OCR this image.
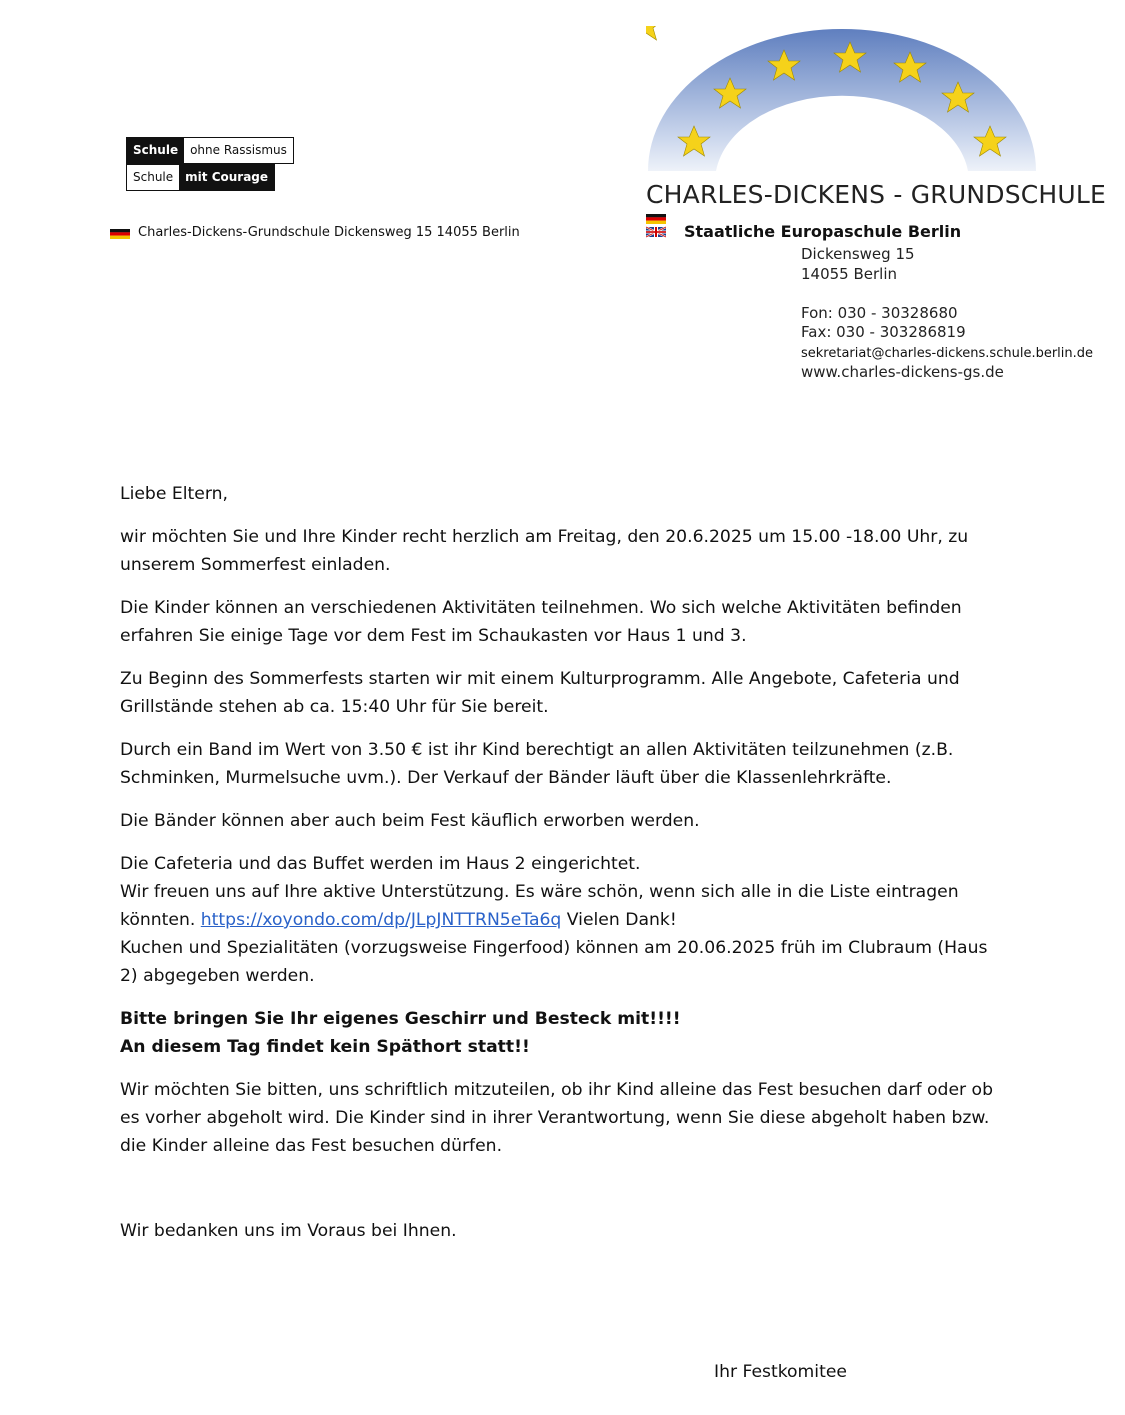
Schule	ohne Rassismus
Schule	mit Courage
Charles-Dickens-Grundschule Dickensweg 15 14055 Berlin
CHARLES-DICKENS - GRUNDSCHULE
Staatliche Europaschule Berlin
Dickensweg 15
14055 Berlin
Fon: 030 - 30328680
Fax: 030 - 303286819
sekretariat@charles-dickens.schule.berlin.de
www.charles-dickens-gs.de

Liebe Eltern,

wir möchten Sie und Ihre Kinder recht herzlich am Freitag, den 20.6.2025 um 15.00 -18.00 Uhr, zu unserem Sommerfest einladen.

Die Kinder können an verschiedenen Aktivitäten teilnehmen. Wo sich welche Aktivitäten befinden erfahren Sie einige Tage vor dem Fest im Schaukasten vor Haus 1 und 3.

Zu Beginn des Sommerfests starten wir mit einem Kulturprogramm. Alle Angebote, Cafeteria und Grillstände stehen ab ca. 15:40 Uhr für Sie bereit.

Durch ein Band im Wert von 3.50 € ist ihr Kind berechtigt an allen Aktivitäten teilzunehmen (z.B. Schminken, Murmelsuche uvm.). Der Verkauf der Bänder läuft über die Klassenlehrkräfte.

Die Bänder können aber auch beim Fest käuflich erworben werden.

Die Cafeteria und das Buffet werden im Haus 2 eingerichtet.
Wir freuen uns auf Ihre aktive Unterstützung. Es wäre schön, wenn sich alle in die Liste eintragen könnten. https://xoyondo.com/dp/JLpJNTTRN5eTa6q Vielen Dank!
Kuchen und Spezialitäten (vorzugsweise Fingerfood) können am 20.06.2025 früh im Clubraum (Haus 2) abgegeben werden.

Bitte bringen Sie Ihr eigenes Geschirr und Besteck mit!!!!
An diesem Tag findet kein Späthort statt!!

Wir möchten Sie bitten, uns schriftlich mitzuteilen, ob ihr Kind alleine das Fest besuchen darf oder ob es vorher abgeholt wird. Die Kinder sind in ihrer Verantwortung, wenn Sie diese abgeholt haben bzw. die Kinder alleine das Fest besuchen dürfen.

Wir bedanken uns im Voraus bei Ihnen.

Ihr Festkomitee
